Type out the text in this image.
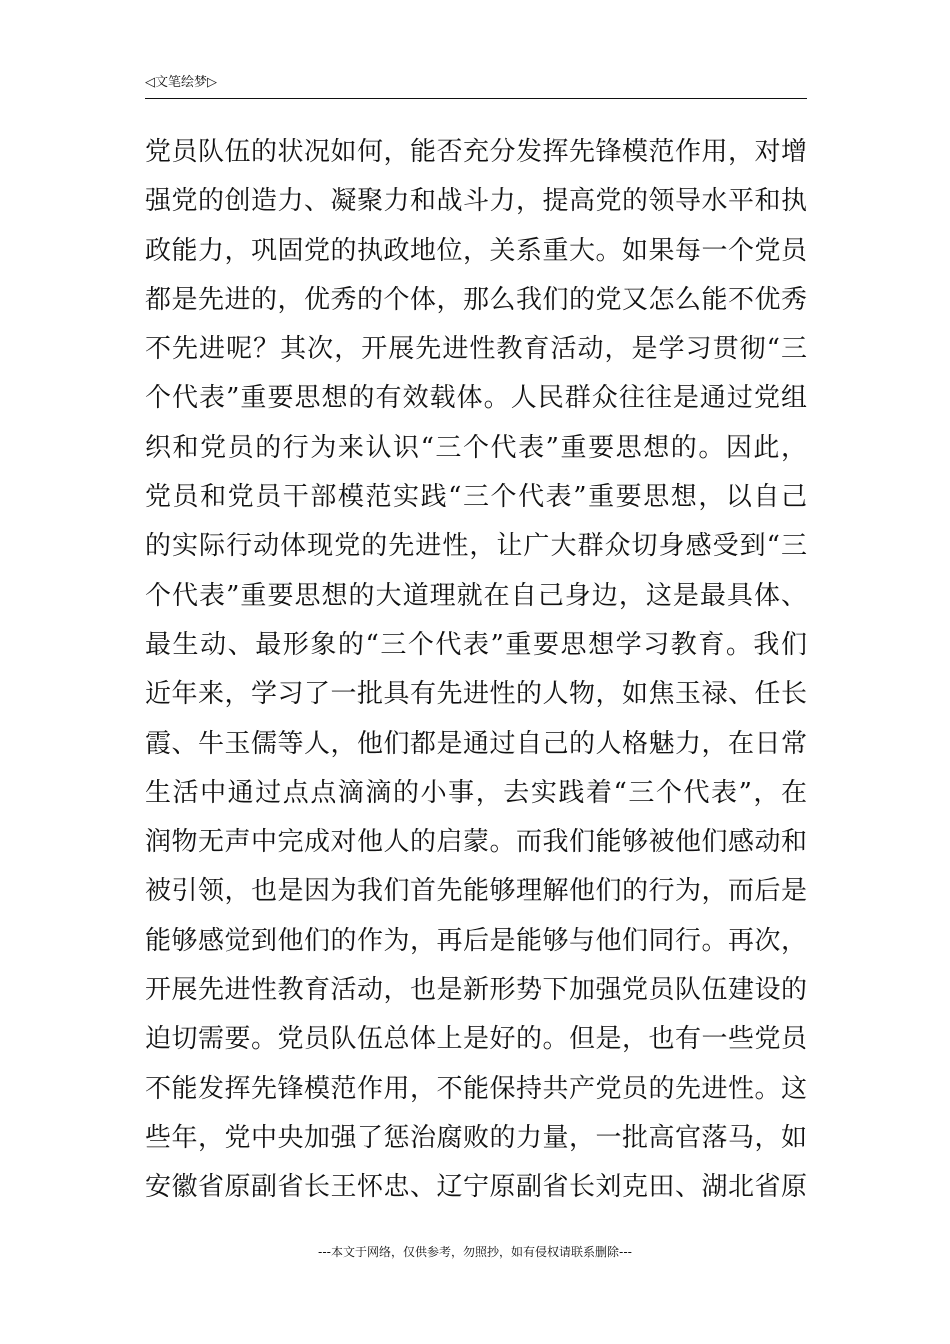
◁文笔绘梦▷
党员队伍的状况如何，能否充分发挥先锋模范作用，对增
强党的创造力、凝聚力和战斗力，提高党的领导水平和执
政能力，巩固党的执政地位，关系重大。如果每一个党员
都是先进的，优秀的个体，那么我们的党又怎么能不优秀
不先进呢？其次，开展先进性教育活动，是学习贯彻“三
个代表”重要思想的有效载体。人民群众往往是通过党组
织和党员的行为来认识“三个代表”重要思想的。因此，
党员和党员干部模范实践“三个代表”重要思想，以自己
的实际行动体现党的先进性，让广大群众切身感受到“三
个代表”重要思想的大道理就在自己身边，这是最具体、
最生动、最形象的“三个代表”重要思想学习教育。我们
近年来，学习了一批具有先进性的人物，如焦玉禄、任长
霞、牛玉儒等人，他们都是通过自己的人格魅力，在日常
生活中通过点点滴滴的小事，去实践着“三个代表”，在
润物无声中完成对他人的启蒙。而我们能够被他们感动和
被引领，也是因为我们首先能够理解他们的行为，而后是
能够感觉到他们的作为，再后是能够与他们同行。再次，
开展先进性教育活动，也是新形势下加强党员队伍建设的
迫切需要。党员队伍总体上是好的。但是，也有一些党员
不能发挥先锋模范作用，不能保持共产党员的先进性。这
些年，党中央加强了惩治腐败的力量，一批高官落马，如
安徽省原副省长王怀忠、辽宁原副省长刘克田、湖北省原
---本文于网络，仅供参考，勿照抄，如有侵权请联系删除---
